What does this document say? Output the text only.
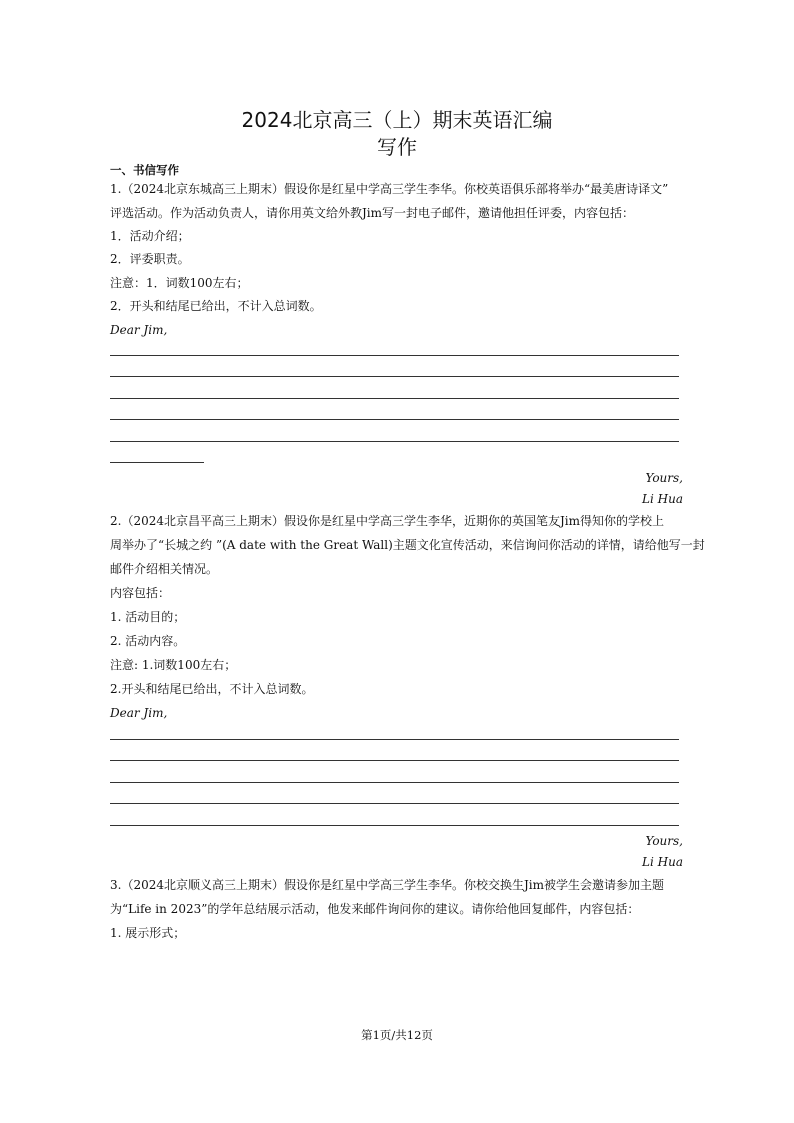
2024北京高三（上）期末英语汇编
写作
一、书信写作
1.（2024北京东城高三上期末）假设你是红星中学高三学生李华。你校英语俱乐部将举办“最美唐诗译文”
评选活动。作为活动负责人，请你用英文给外教Jim写一封电子邮件，邀请他担任评委，内容包括：
1．活动介绍；
2．评委职责。
注意：1．词数100左右；
2．开头和结尾已给出，不计入总词数。
Dear Jim,
Yours,
Li Hua
2.（2024北京昌平高三上期末）假设你是红星中学高三学生李华，近期你的英国笔友Jim得知你的学校上
周举办了“长城之约 ”(A date with the Great Wall)主题文化宣传活动，来信询问你活动的详情，请给他写一封
邮件介绍相关情况。
内容包括：
1. 活动目的；
2. 活动内容。
注意: 1.词数100左右；
2.开头和结尾已给出，不计入总词数。
Dear Jim,
Yours,
Li Hua
3.（2024北京顺义高三上期末）假设你是红星中学高三学生李华。你校交换生Jim被学生会邀请参加主题
为“Life in 2023”的学年总结展示活动，他发来邮件询问你的建议。请你给他回复邮件，内容包括：
1. 展示形式；
第1页/共12页
